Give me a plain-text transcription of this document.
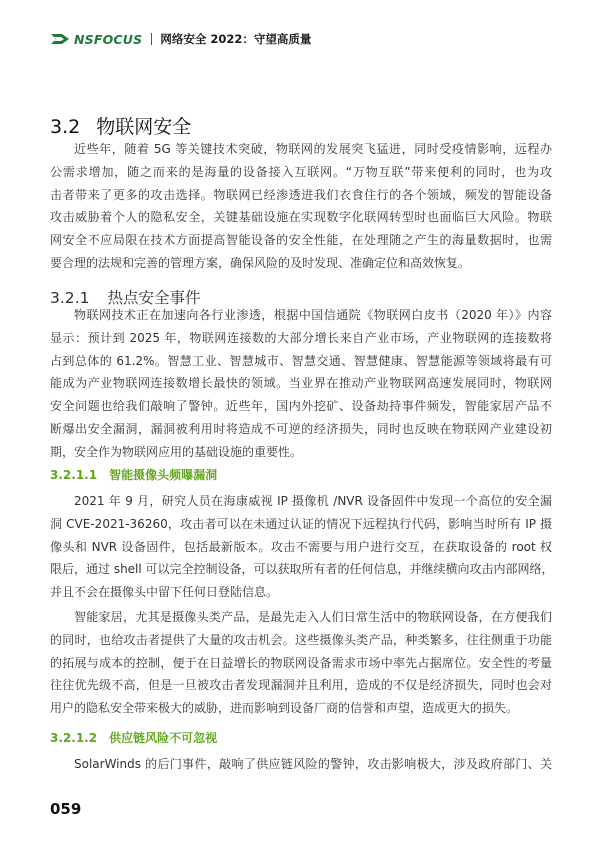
NSFOCUS 网络安全 2022：守望高质量
3.2 物联网安全
近些年，随着 5G 等关键技术突破，物联网的发展突飞猛进，同时受疫情影响，远程办
公需求增加，随之而来的是海量的设备接入互联网。“万物互联”带来便利的同时，也为攻
击者带来了更多的攻击选择。物联网已经渗透进我们衣食住行的各个领域，频发的智能设备
攻击威胁着个人的隐私安全，关键基础设施在实现数字化联网转型时也面临巨大风险。物联
网安全不应局限在技术方面提高智能设备的安全性能，在处理随之产生的海量数据时，也需
要合理的法规和完善的管理方案，确保风险的及时发现、准确定位和高效恢复。
3.2.1 热点安全事件
物联网技术正在加速向各行业渗透，根据中国信通院《物联网白皮书（2020 年）》内容
显示：预计到 2025 年，物联网连接数的大部分增长来自产业市场，产业物联网的连接数将
占到总体的 61.2%。智慧工业、智慧城市、智慧交通、智慧健康、智慧能源等领域将最有可
能成为产业物联网连接数增长最快的领域。当业界在推动产业物联网高速发展同时，物联网
安全问题也给我们敲响了警钟。近些年，国内外挖矿、设备劫持事件频发，智能家居产品不
断爆出安全漏洞，漏洞被利用时将造成不可逆的经济损失，同时也反映在物联网产业建设初
期，安全作为物联网应用的基础设施的重要性。
3.2.1.1 智能摄像头频曝漏洞
2021 年 9 月，研究人员在海康威视 IP 摄像机 /NVR 设备固件中发现一个高位的安全漏
洞 CVE-2021-36260，攻击者可以在未通过认证的情况下远程执行代码，影响当时所有 IP 摄
像头和 NVR 设备固件，包括最新版本。攻击不需要与用户进行交互，在获取设备的 root 权
限后，通过 shell 可以完全控制设备，可以获取所有者的任何信息，并继续横向攻击内部网络，
并且不会在摄像头中留下任何日登陆信息。
智能家居，尤其是摄像头类产品，是最先走入人们日常生活中的物联网设备，在方便我们
的同时，也给攻击者提供了大量的攻击机会。这些摄像头类产品，种类繁多，往往侧重于功能
的拓展与成本的控制，便于在日益增长的物联网设备需求市场中率先占据席位。安全性的考量
往往优先级不高，但是一旦被攻击者发现漏洞并且利用，造成的不仅是经济损失，同时也会对
用户的隐私安全带来极大的威胁，进而影响到设备厂商的信誉和声望，造成更大的损失。
3.2.1.2 供应链风险不可忽视
SolarWinds 的后门事件，敲响了供应链风险的警钟，攻击影响极大，涉及政府部门、关
059
